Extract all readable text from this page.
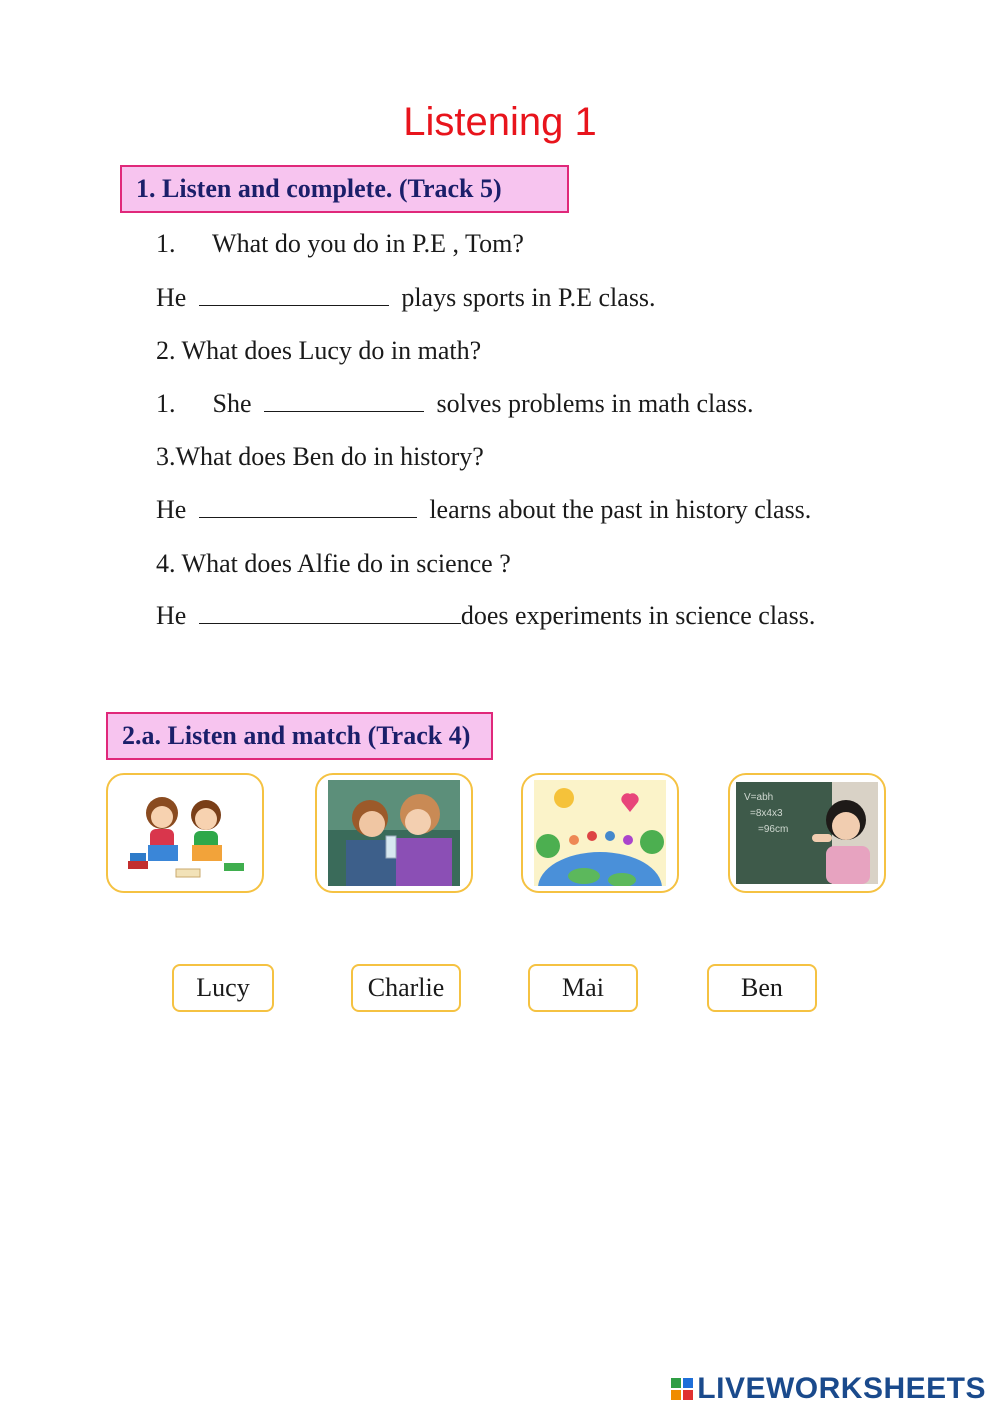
Listening 1
1. Listen and complete. (Track 5)
1. What do you do in P.E , Tom?
He	plays sports in P.E class.
2. What does Lucy do in math?
1. She	solves problems in math class.
3.What does Ben do in history?
He	learns about the past in history class.
4. What does Alfie do in science ?
He	does experiments in science class.
2.a. Listen and match (Track 4)
V=abh
=8x4x3
=96cm
Lucy	Charlie	Mai	Ben
LIVEWORKSHEETS
